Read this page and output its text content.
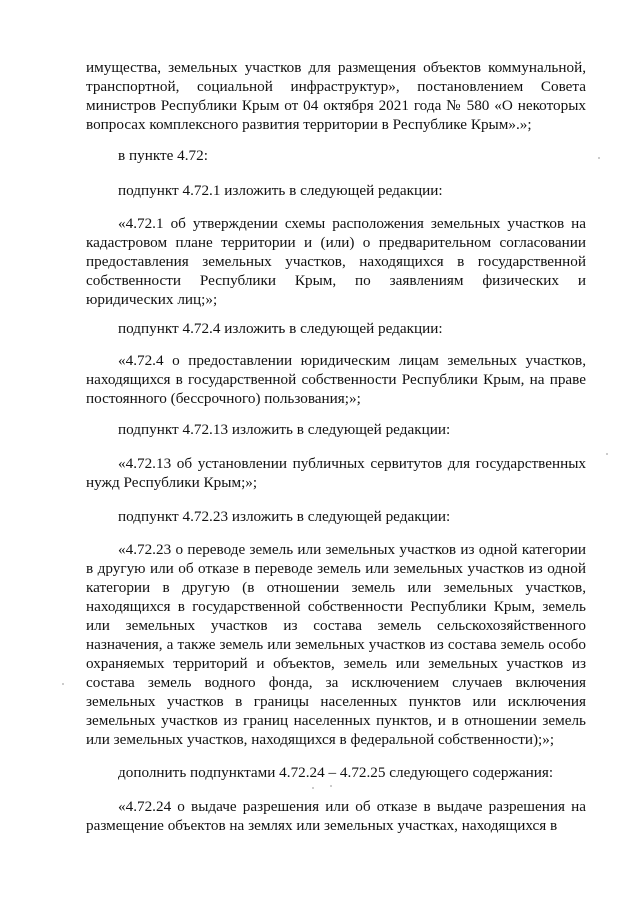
имущества, земельных участков для размещения объектов коммунальной, транспортной, социальной инфраструктур», постановлением Совета министров Республики Крым от 04 октября 2021 года № 580 «О некоторых вопросах комплексного развития территории в Республике Крым».»;

в пункте 4.72:

подпункт 4.72.1 изложить в следующей редакции:

«4.72.1 об утверждении схемы расположения земельных участков на кадастровом плане территории и (или) о предварительном согласовании предоставления земельных участков, находящихся в государственной собственности Республики Крым, по заявлениям физических и юридических лиц;»;

подпункт 4.72.4 изложить в следующей редакции:

«4.72.4 о предоставлении юридическим лицам земельных участков, находящихся в государственной собственности Республики Крым, на праве постоянного (бессрочного) пользования;»;

подпункт 4.72.13 изложить в следующей редакции:

«4.72.13 об установлении публичных сервитутов для государственных нужд Республики Крым;»;

подпункт 4.72.23 изложить в следующей редакции:

«4.72.23 о переводе земель или земельных участков из одной категории в другую или об отказе в переводе земель или земельных участков из одной категории в другую (в отношении земель или земельных участков, находящихся в государственной собственности Республики Крым, земель или земельных участков из состава земель сельскохозяйственного назначения, а также земель или земельных участков из состава земель особо охраняемых территорий и объектов, земель или земельных участков из состава земель водного фонда, за исключением случаев включения земельных участков в границы населенных пунктов или исключения земельных участков из границ населенных пунктов, и в отношении земель или земельных участков, находящихся в федеральной собственности);»;

дополнить подпунктами 4.72.24 – 4.72.25 следующего содержания:

«4.72.24 о выдаче разрешения или об отказе в выдаче разрешения на размещение объектов на землях или земельных участках, находящихся в
